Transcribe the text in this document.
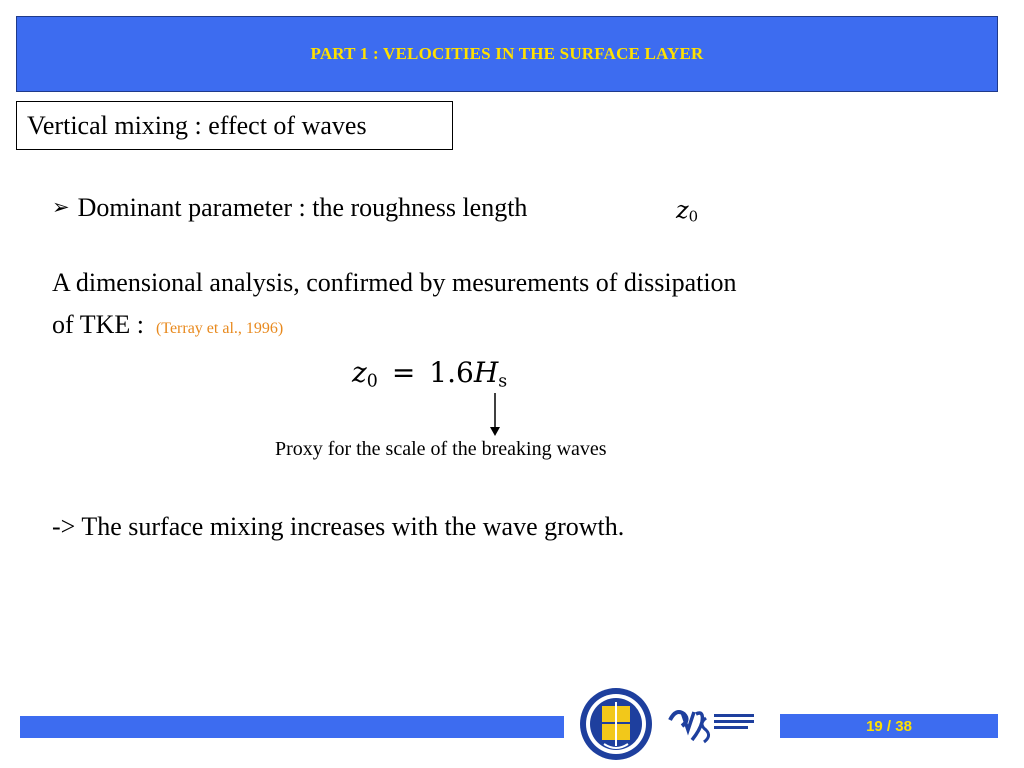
PART 1 : VELOCITIES IN THE SURFACE LAYER
Vertical mixing : effect of waves
➢ Dominant parameter : the roughness length	$z_0$
A dimensional analysis, confirmed by mesurements of dissipation
of TKE : (Terray et al., 1996)
$z_0 = 1.6H_s$
Proxy for the scale of the breaking waves
-> The surface mixing increases with the wave growth.
19 / 38
